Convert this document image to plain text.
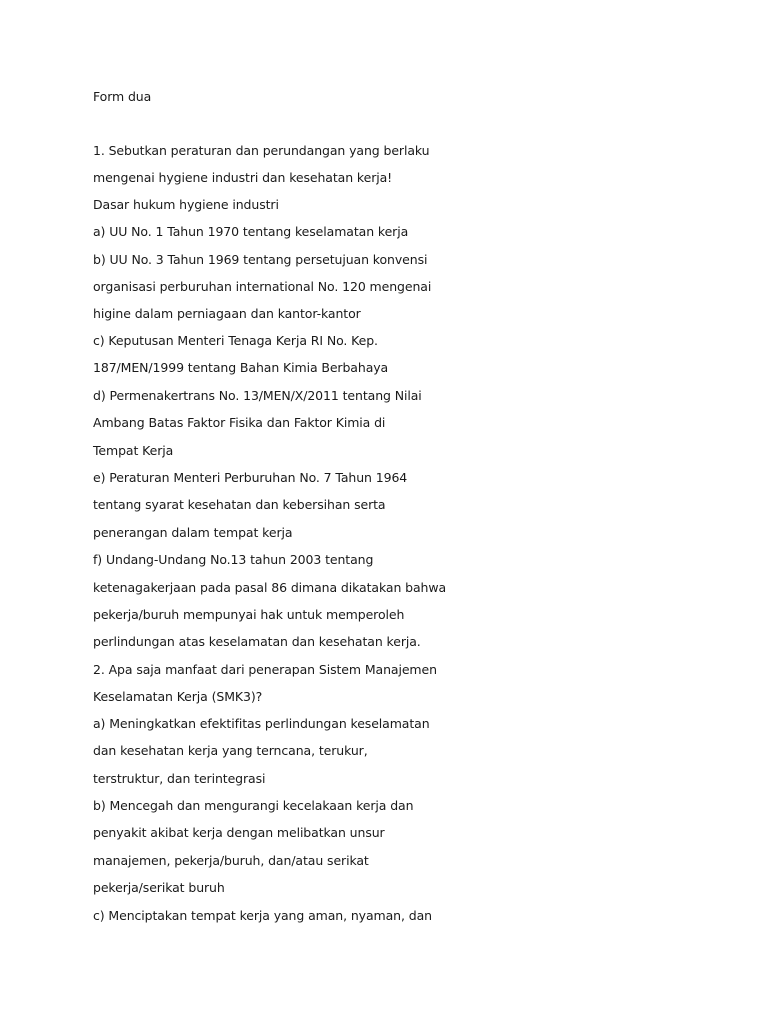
Form dua
1. Sebutkan peraturan dan perundangan yang berlaku
mengenai hygiene industri dan kesehatan kerja!
Dasar hukum hygiene industri
a) UU No. 1 Tahun 1970 tentang keselamatan kerja
b) UU No. 3 Tahun 1969 tentang persetujuan konvensi
organisasi perburuhan international No. 120 mengenai
higine dalam perniagaan dan kantor-kantor
c) Keputusan Menteri Tenaga Kerja RI No. Kep.
187/MEN/1999 tentang Bahan Kimia Berbahaya
d) Permenakertrans No. 13/MEN/X/2011 tentang Nilai
Ambang Batas Faktor Fisika dan Faktor Kimia di
Tempat Kerja
e) Peraturan Menteri Perburuhan No. 7 Tahun 1964
tentang syarat kesehatan dan kebersihan serta
penerangan dalam tempat kerja
f) Undang-Undang No.13 tahun 2003 tentang
ketenagakerjaan pada pasal 86 dimana dikatakan bahwa
pekerja/buruh mempunyai hak untuk memperoleh
perlindungan atas keselamatan dan kesehatan kerja.
2. Apa saja manfaat dari penerapan Sistem Manajemen
Keselamatan Kerja (SMK3)?
a) Meningkatkan efektifitas perlindungan keselamatan
dan kesehatan kerja yang terncana, terukur,
terstruktur, dan terintegrasi
b) Mencegah dan mengurangi kecelakaan kerja dan
penyakit akibat kerja dengan melibatkan unsur
manajemen, pekerja/buruh, dan/atau serikat
pekerja/serikat buruh
c) Menciptakan tempat kerja yang aman, nyaman, dan
